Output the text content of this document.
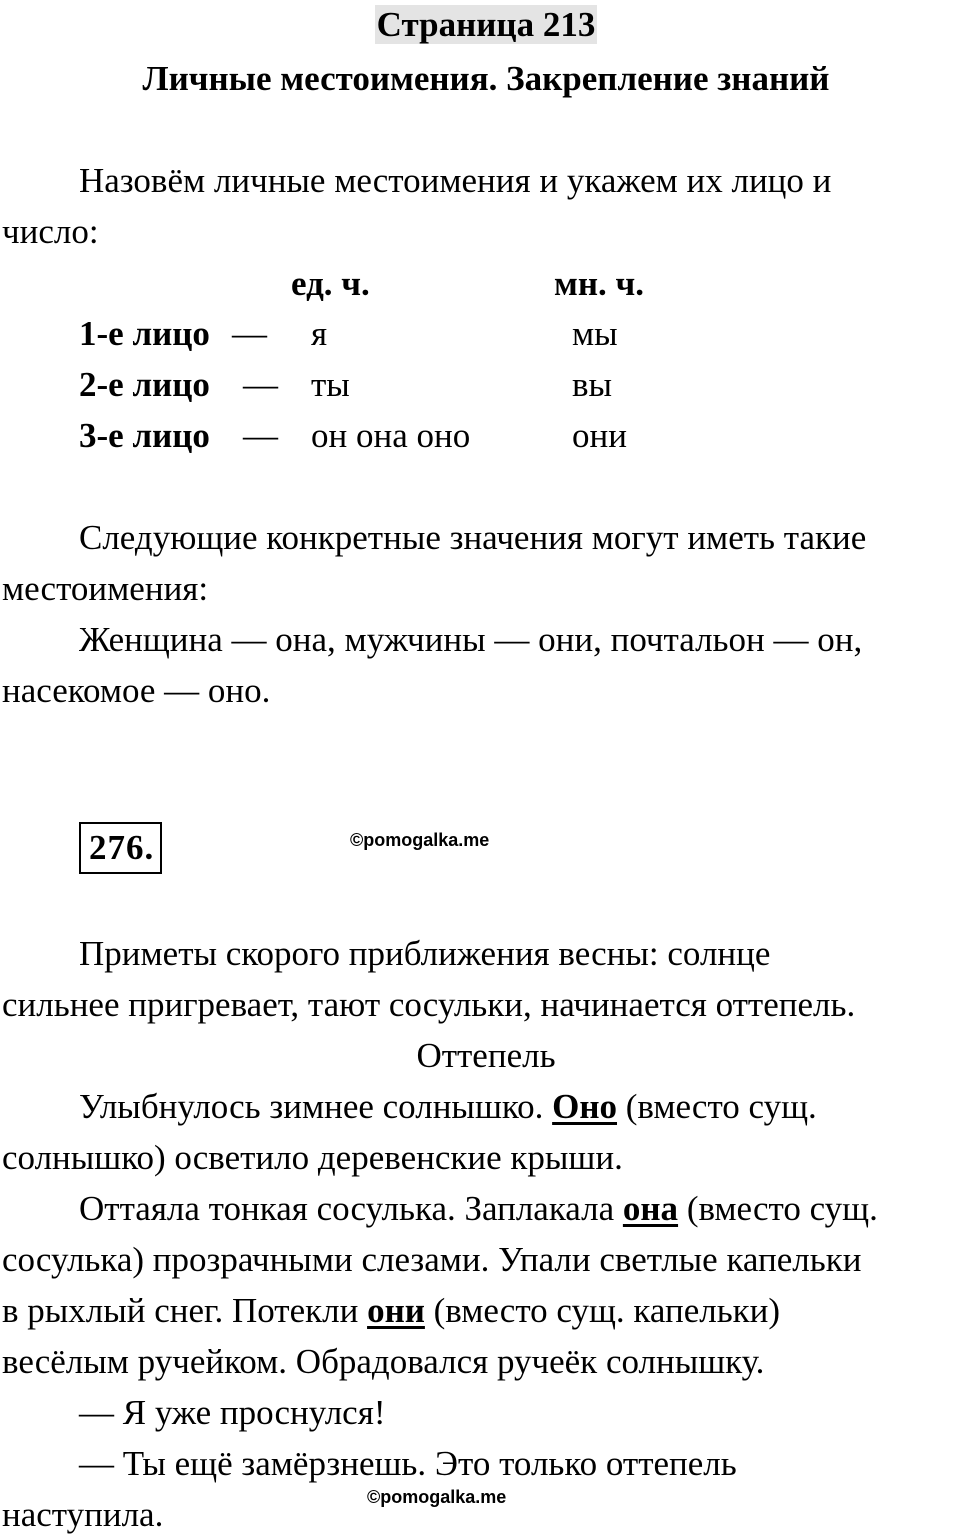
Страница 213
Личные местоимения. Закрепление знаний
Назовём личные местоимения и укажем их лицо и
число:
ед. ч.	мн. ч.
1-е лицо — я	мы
2-е лицо — ты	вы
3-е лицо — он она оно	они
Следующие конкретные значения могут иметь такие
местоимения:
Женщина — она, мужчины — они, почтальон — он,
насекомое — оно.
276.	©pomogalka.me
Приметы скорого приближения весны: солнце
сильнее пригревает, тают сосульки, начинается оттепель.
Оттепель
Улыбнулось зимнее солнышко. Оно (вместо сущ.
солнышко) осветило деревенские крыши.
Оттаяла тонкая сосулька. Заплакала она (вместо сущ.
сосулька) прозрачными слезами. Упали светлые капельки
в рыхлый снег. Потекли они (вместо сущ. капельки)
весёлым ручейком. Обрадовался ручеёк солнышку.
— Я уже проснулся!
— Ты ещё замёрзнешь. Это только оттепель
наступила.	©pomogalka.me
